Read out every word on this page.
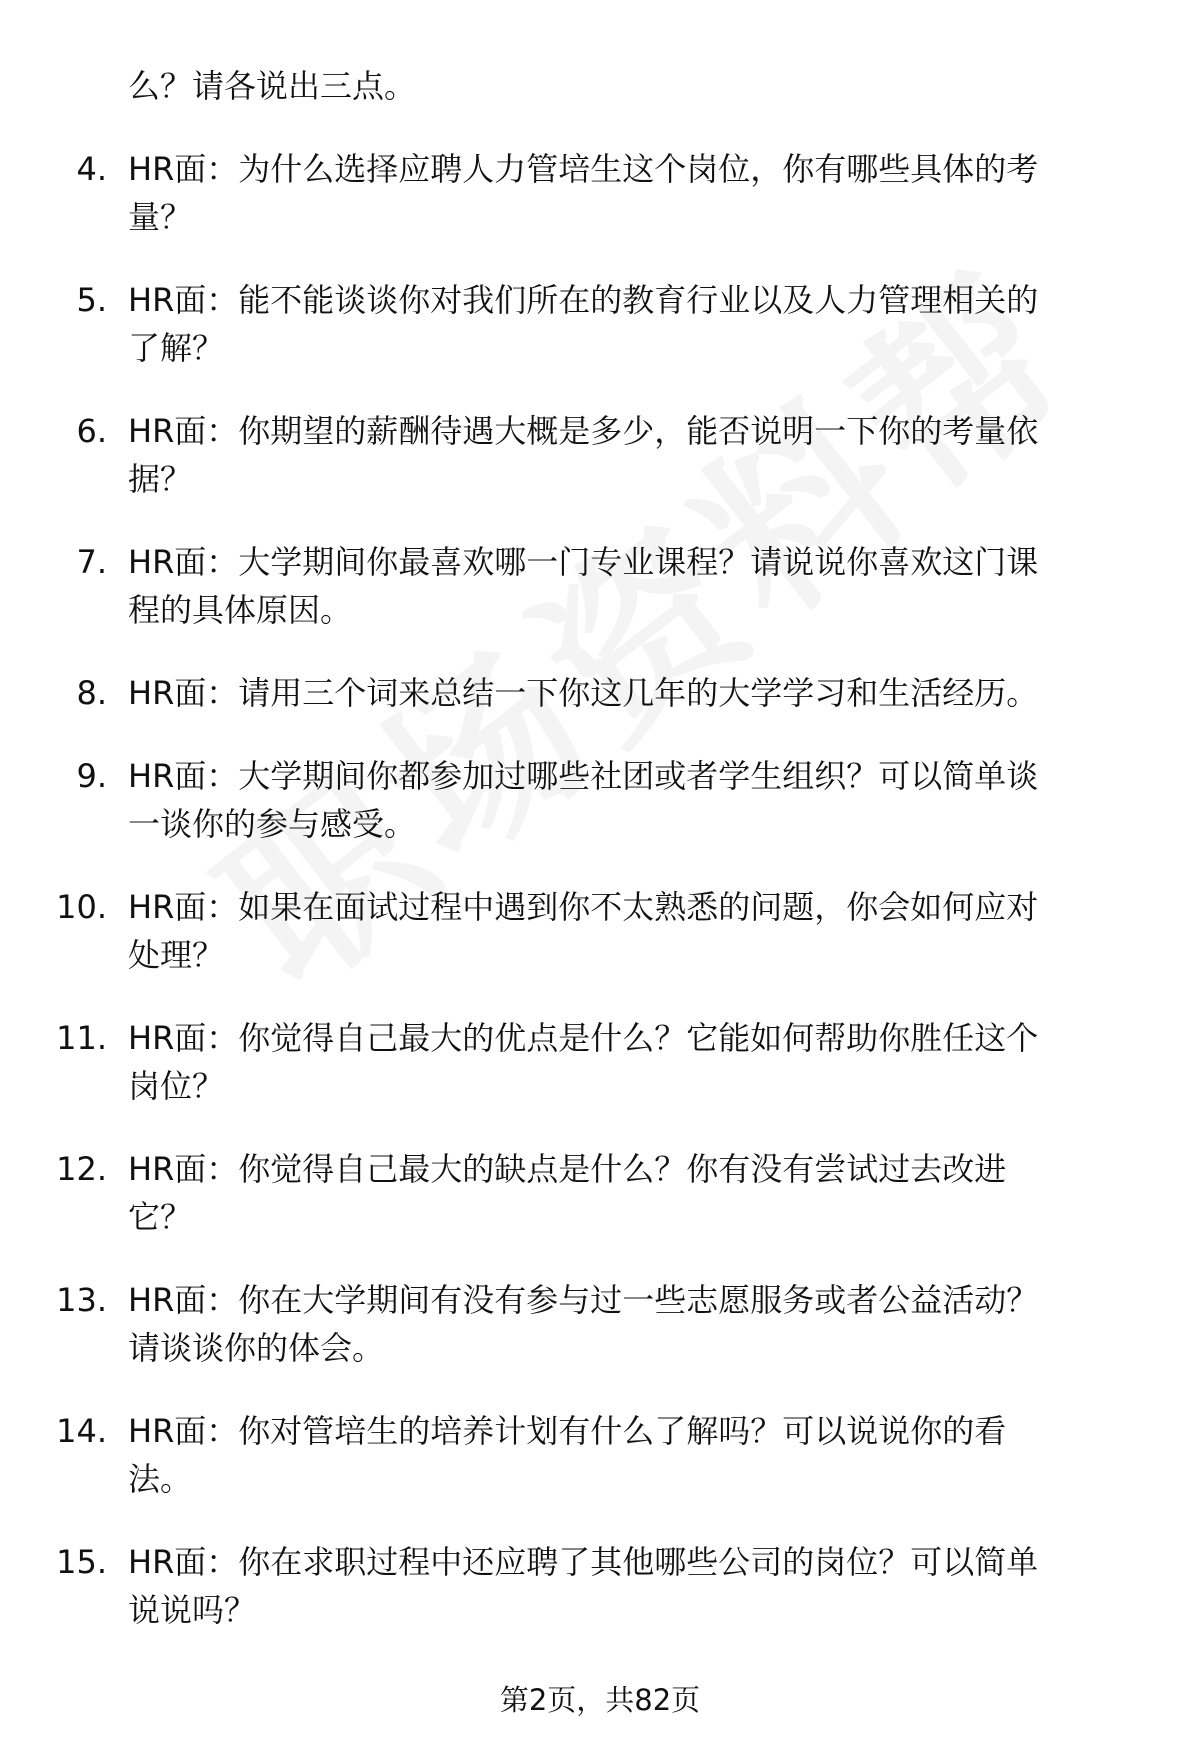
么？请各说出三点。
4. HR面：为什么选择应聘人力管培生这个岗位，你有哪些具体的考
量？
5. HR面：能不能谈谈你对我们所在的教育行业以及人力管理相关的
了解？
6. HR面：你期望的薪酬待遇大概是多少，能否说明一下你的考量依
据？
7. HR面：大学期间你最喜欢哪一门专业课程？请说说你喜欢这门课
程的具体原因。
8. HR面：请用三个词来总结一下你这几年的大学学习和生活经历。
9. HR面：大学期间你都参加过哪些社团或者学生组织？可以简单谈
一谈你的参与感受。
10. HR面：如果在面试过程中遇到你不太熟悉的问题，你会如何应对
处理？
11. HR面：你觉得自己最大的优点是什么？它能如何帮助你胜任这个
岗位？
12. HR面：你觉得自己最大的缺点是什么？你有没有尝试过去改进
它？
13. HR面：你在大学期间有没有参与过一些志愿服务或者公益活动？
请谈谈你的体会。
14. HR面：你对管培生的培养计划有什么了解吗？可以说说你的看
法。
15. HR面：你在求职过程中还应聘了其他哪些公司的岗位？可以简单
说说吗？
第2页，共82页
